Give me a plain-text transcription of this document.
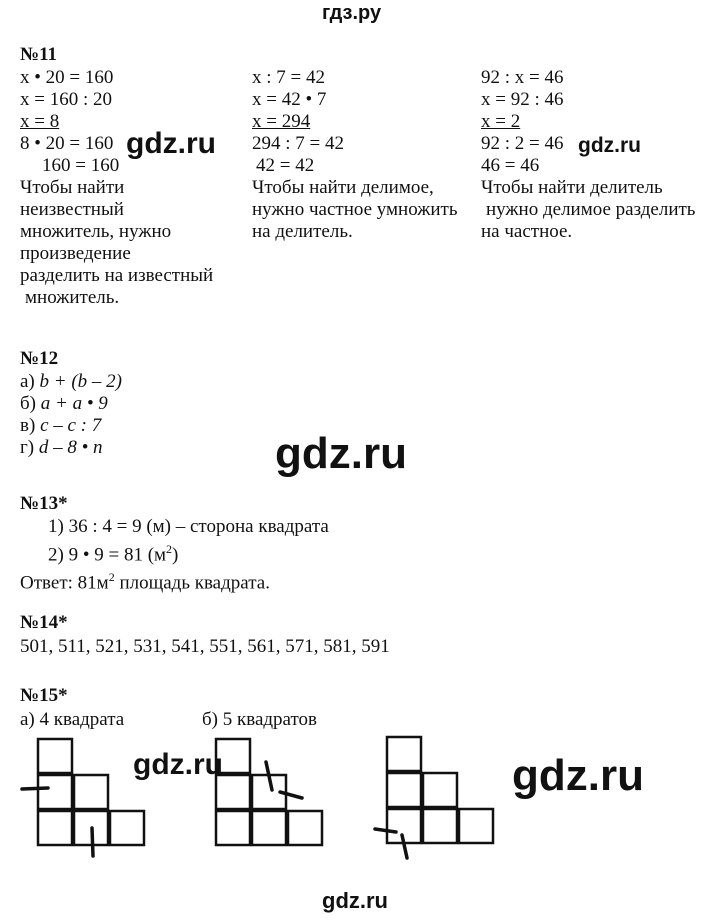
гдз.ру
№11
x • 20 = 160
x = 160 : 20
x = 8
8 • 20 = 160
160 = 160
Чтобы найти
неизвестный
множитель, нужно
произведение
разделить на известный
множитель.
x : 7 = 42
x = 42 • 7
x = 294
294 : 7 = 42
42 = 42
Чтобы найти делимое,
нужно частное умножить
на делитель.
92 : x = 46
x = 92 : 46
x = 2
92 : 2 = 46
46 = 46
Чтобы найти делитель
нужно делимое разделить
на частное.
№12
а) b + (b – 2)
б) a + a • 9
в) c – c : 7
г) d – 8 • n
№13*
1) 36 : 4 = 9 (м) – сторона квадрата
2) 9 • 9 = 81 $(м^2)$
Ответ: $81м^2$ площадь квадрата.
№14*
501, 511, 521, 531, 541, 551, 561, 571, 581, 591
№15*
а) 4 квадрата	б) 5 квадратов
gdz.ru	gdz.ru
gdz.ru
gdz.ru	gdz.ru
gdz.ru
